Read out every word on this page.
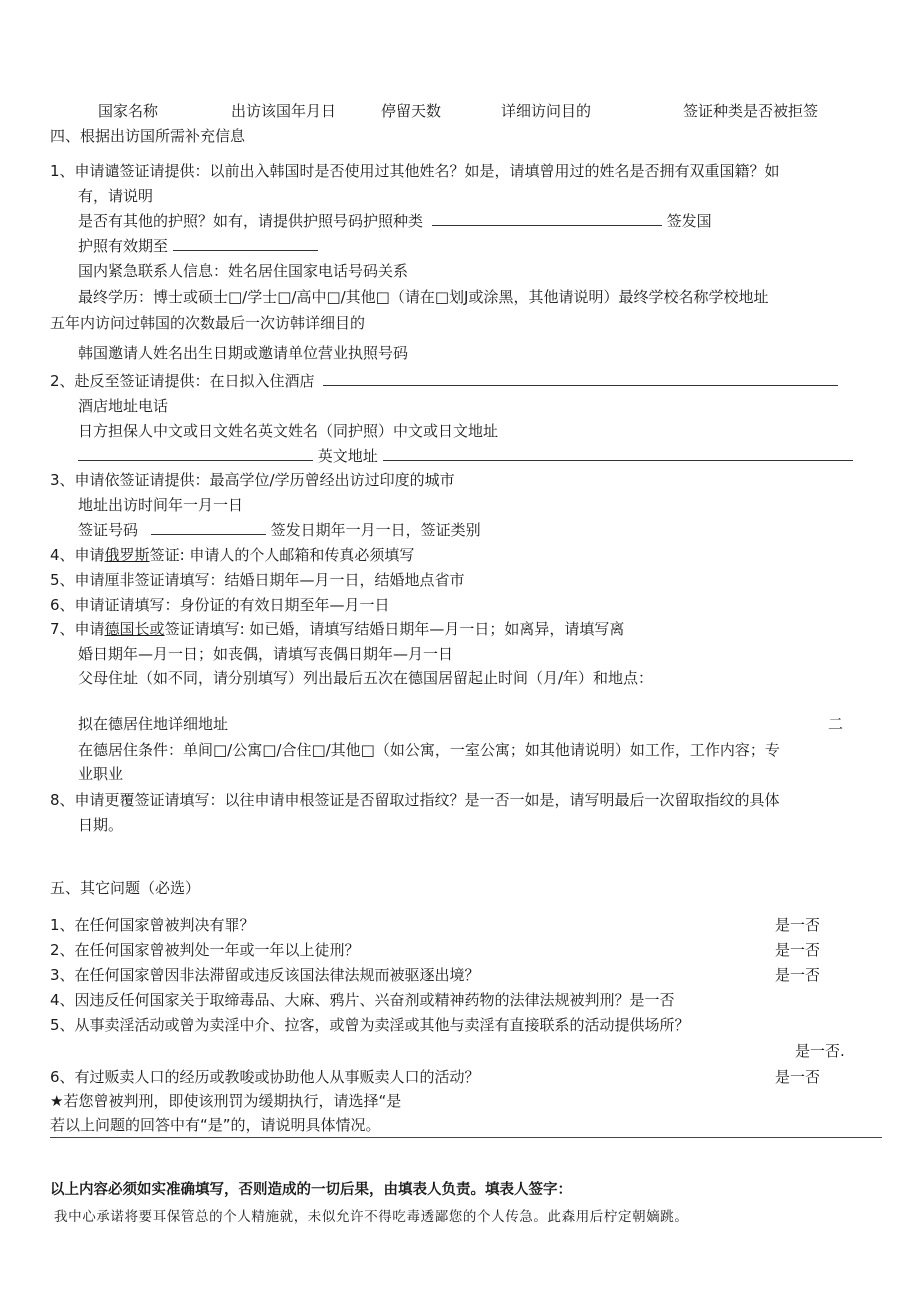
国家名称	出访该国年月日	停留天数	详细访问目的	签证种类是否被拒签
四、根据出访国所需补充信息
1、申请谴签证请提供：以前出入韩国时是否使用过其他姓名？如是，请填曾用过的姓名是否拥有双重国籍？如
有，请说明
是否有其他的护照？如有，请提供护照号码护照种类	签发国
护照有效期至
国内紧急联系人信息：姓名居住国家电话号码关系
最终学历：博士或硕士□/学士□/高中□/其他□（请在□划J或涂黑，其他请说明）最终学校名称学校地址
五年内访问过韩国的次数最后一次访韩详细目的
韩国邀请人姓名出生日期或邀请单位营业执照号码
2、赴反至签证请提供：在日拟入住酒店
酒店地址电话
日方担保人中文或日文姓名英文姓名（同护照）中文或日文地址
英文地址
3、申请依签证请提供：最高学位/学历曾经出访过印度的城市
地址出访时间年一月一日
签证号码	签发日期年一月一日，签证类别
4、申请俄罗斯签证: 申请人的个人邮箱和传真必须填写
5、申请厘非签证请填写：结婚日期年—月一日，结婚地点省市
6、申请证请填写：身份证的有效日期至年—月一日
7、申请德国长或签证请填写: 如已婚，请填写结婚日期年—月一日；如离异，请填写离
婚日期年—月一日；如丧偶，请填写丧偶日期年—月一日
父母住址（如不同，请分别填写）列出最后五次在德国居留起止时间（月/年）和地点：
拟在德居住地详细地址	二
在德居住条件：单间□/公寓□/合住□/其他□（如公寓，一室公寓；如其他请说明）如工作，工作内容；专
业职业
8、申请更覆签证请填写：以往申请申根签证是否留取过指纹？是一否一如是，请写明最后一次留取指纹的具体
日期。
五、其它问题（必选）
1、在任何国家曾被判决有罪？	是一否
2、在任何国家曾被判处一年或一年以上徒刑？	是一否
3、在任何国家曾因非法滞留或违反该国法律法规而被驱逐出境？	是一否
4、因违反任何国家关于取缔毒品、大麻、鸦片、兴奋剂或精神药物的法律法规被判刑？是一否
5、从事卖淫活动或曾为卖淫中介、拉客，或曾为卖淫或其他与卖淫有直接联系的活动提供场所？
是一否.
6、有过贩卖人口的经历或教唆或协助他人从事贩卖人口的活动？	是一否
★若您曾被判刑，即使该刑罚为缓期执行，请选择“是
若以上问题的回答中有“是”的，请说明具体情况。
以上内容必须如实准确填写，否则造成的一切后果，由填表人负责。填表人签字：
我中心承诺将要耳保管总的个人精施就，未似允许不得吃毒透鄙您的个人传急。此森用后柠定朝嫡跳。
